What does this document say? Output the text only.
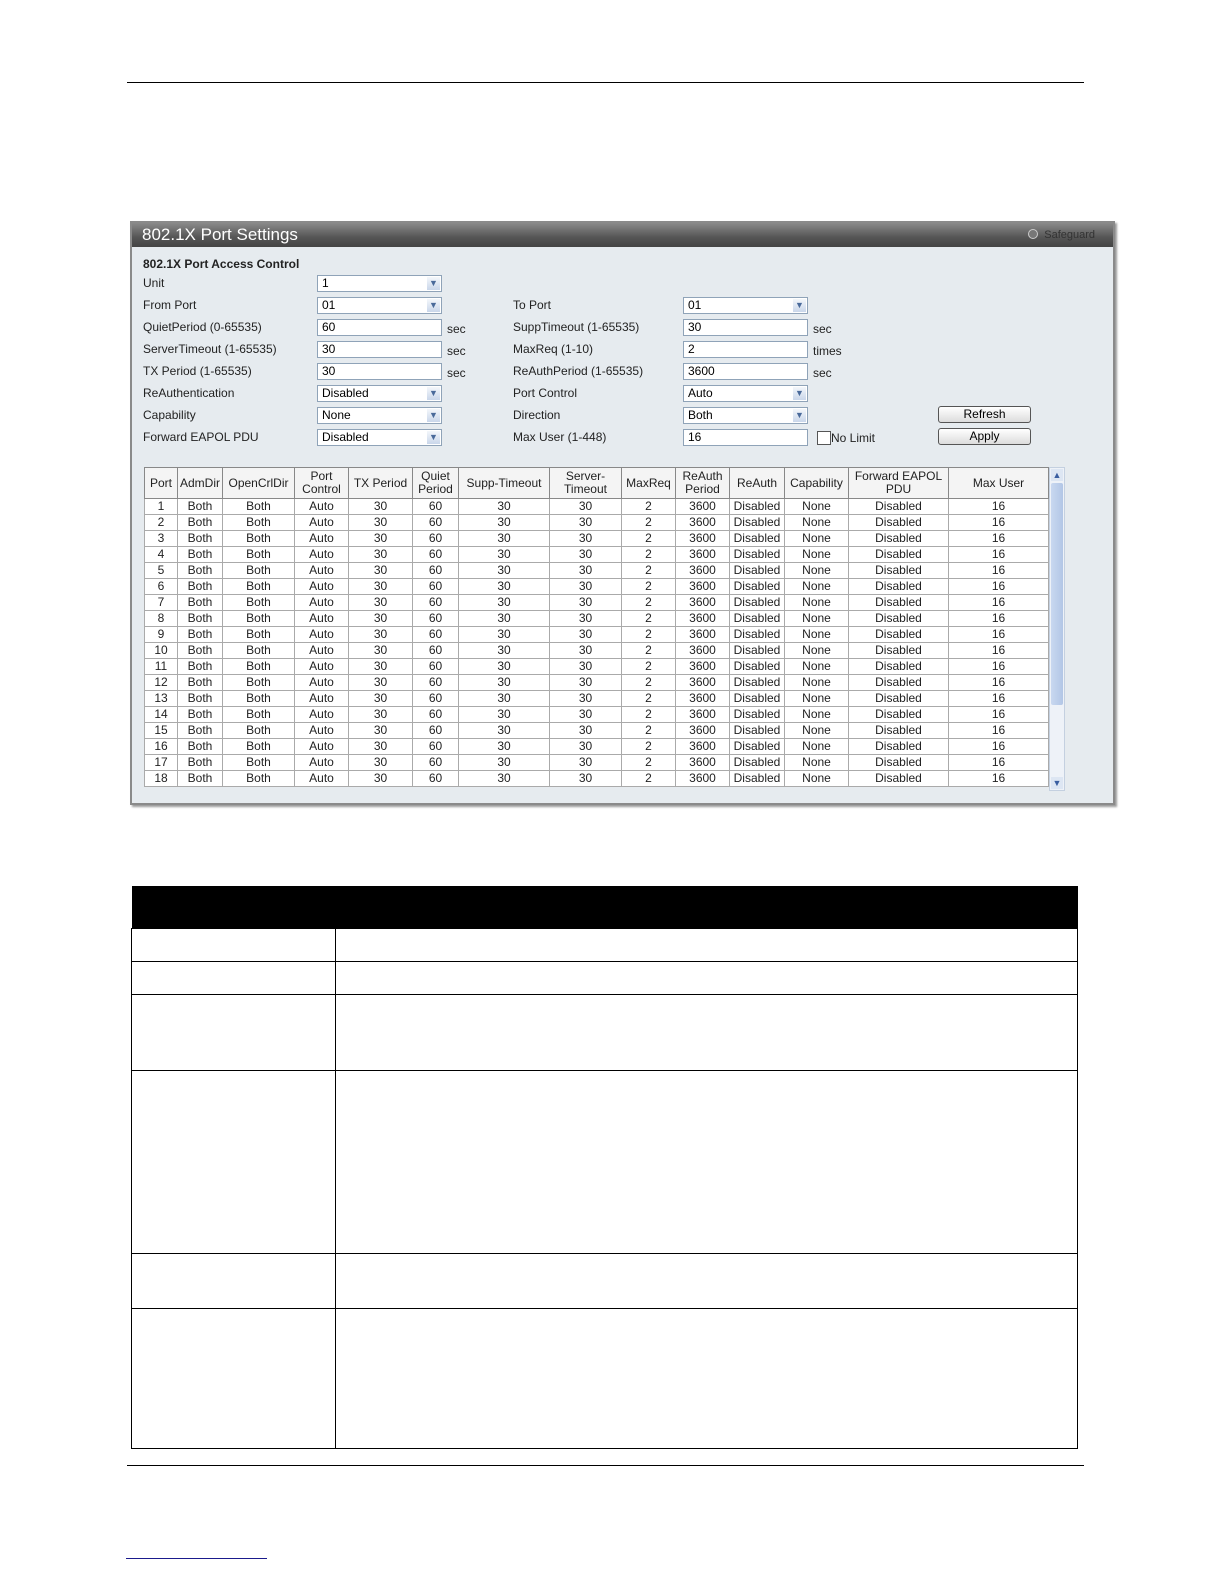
802.1X Port Settings	Safeguard
802.1X Port Access Control
Unit	1	▼
From Port	01	▼	To Port	01	▼
QuietPeriod (0-65535)	60	sec	SuppTimeout (1-65535)	30	sec
ServerTimeout (1-65535)	30	sec	MaxReq (1-10)	2	times
TX Period (1-65535)	30	sec	ReAuthPeriod (1-65535)	3600	sec
ReAuthentication	Disabled	▼	Port Control	Auto	▼
Capability	None	▼	Direction	Both	▼	Refresh
Forward EAPOL PDU	Disabled	▼	Max User (1-448)	16	No Limit	Apply
Port	AdmDir	OpenCrlDir	Port Control	TX Period	Quiet Period	Supp-Timeout	Server-Timeout	MaxReq	ReAuth Period	ReAuth	Capability	Forward EAPOL PDU	Max User
1	Both	Both	Auto	30	60	30	30	2	3600	Disabled	None	Disabled	16
2	Both	Both	Auto	30	60	30	30	2	3600	Disabled	None	Disabled	16
3	Both	Both	Auto	30	60	30	30	2	3600	Disabled	None	Disabled	16
4	Both	Both	Auto	30	60	30	30	2	3600	Disabled	None	Disabled	16
5	Both	Both	Auto	30	60	30	30	2	3600	Disabled	None	Disabled	16
6	Both	Both	Auto	30	60	30	30	2	3600	Disabled	None	Disabled	16
7	Both	Both	Auto	30	60	30	30	2	3600	Disabled	None	Disabled	16
8	Both	Both	Auto	30	60	30	30	2	3600	Disabled	None	Disabled	16
9	Both	Both	Auto	30	60	30	30	2	3600	Disabled	None	Disabled	16
10	Both	Both	Auto	30	60	30	30	2	3600	Disabled	None	Disabled	16
11	Both	Both	Auto	30	60	30	30	2	3600	Disabled	None	Disabled	16
12	Both	Both	Auto	30	60	30	30	2	3600	Disabled	None	Disabled	16
13	Both	Both	Auto	30	60	30	30	2	3600	Disabled	None	Disabled	16
14	Both	Both	Auto	30	60	30	30	2	3600	Disabled	None	Disabled	16
15	Both	Both	Auto	30	60	30	30	2	3600	Disabled	None	Disabled	16
16	Both	Both	Auto	30	60	30	30	2	3600	Disabled	None	Disabled	16
17	Both	Both	Auto	30	60	30	30	2	3600	Disabled	None	Disabled	16
18	Both	Both	Auto	30	60	30	30	2	3600	Disabled	None	Disabled	16
▲
▼
